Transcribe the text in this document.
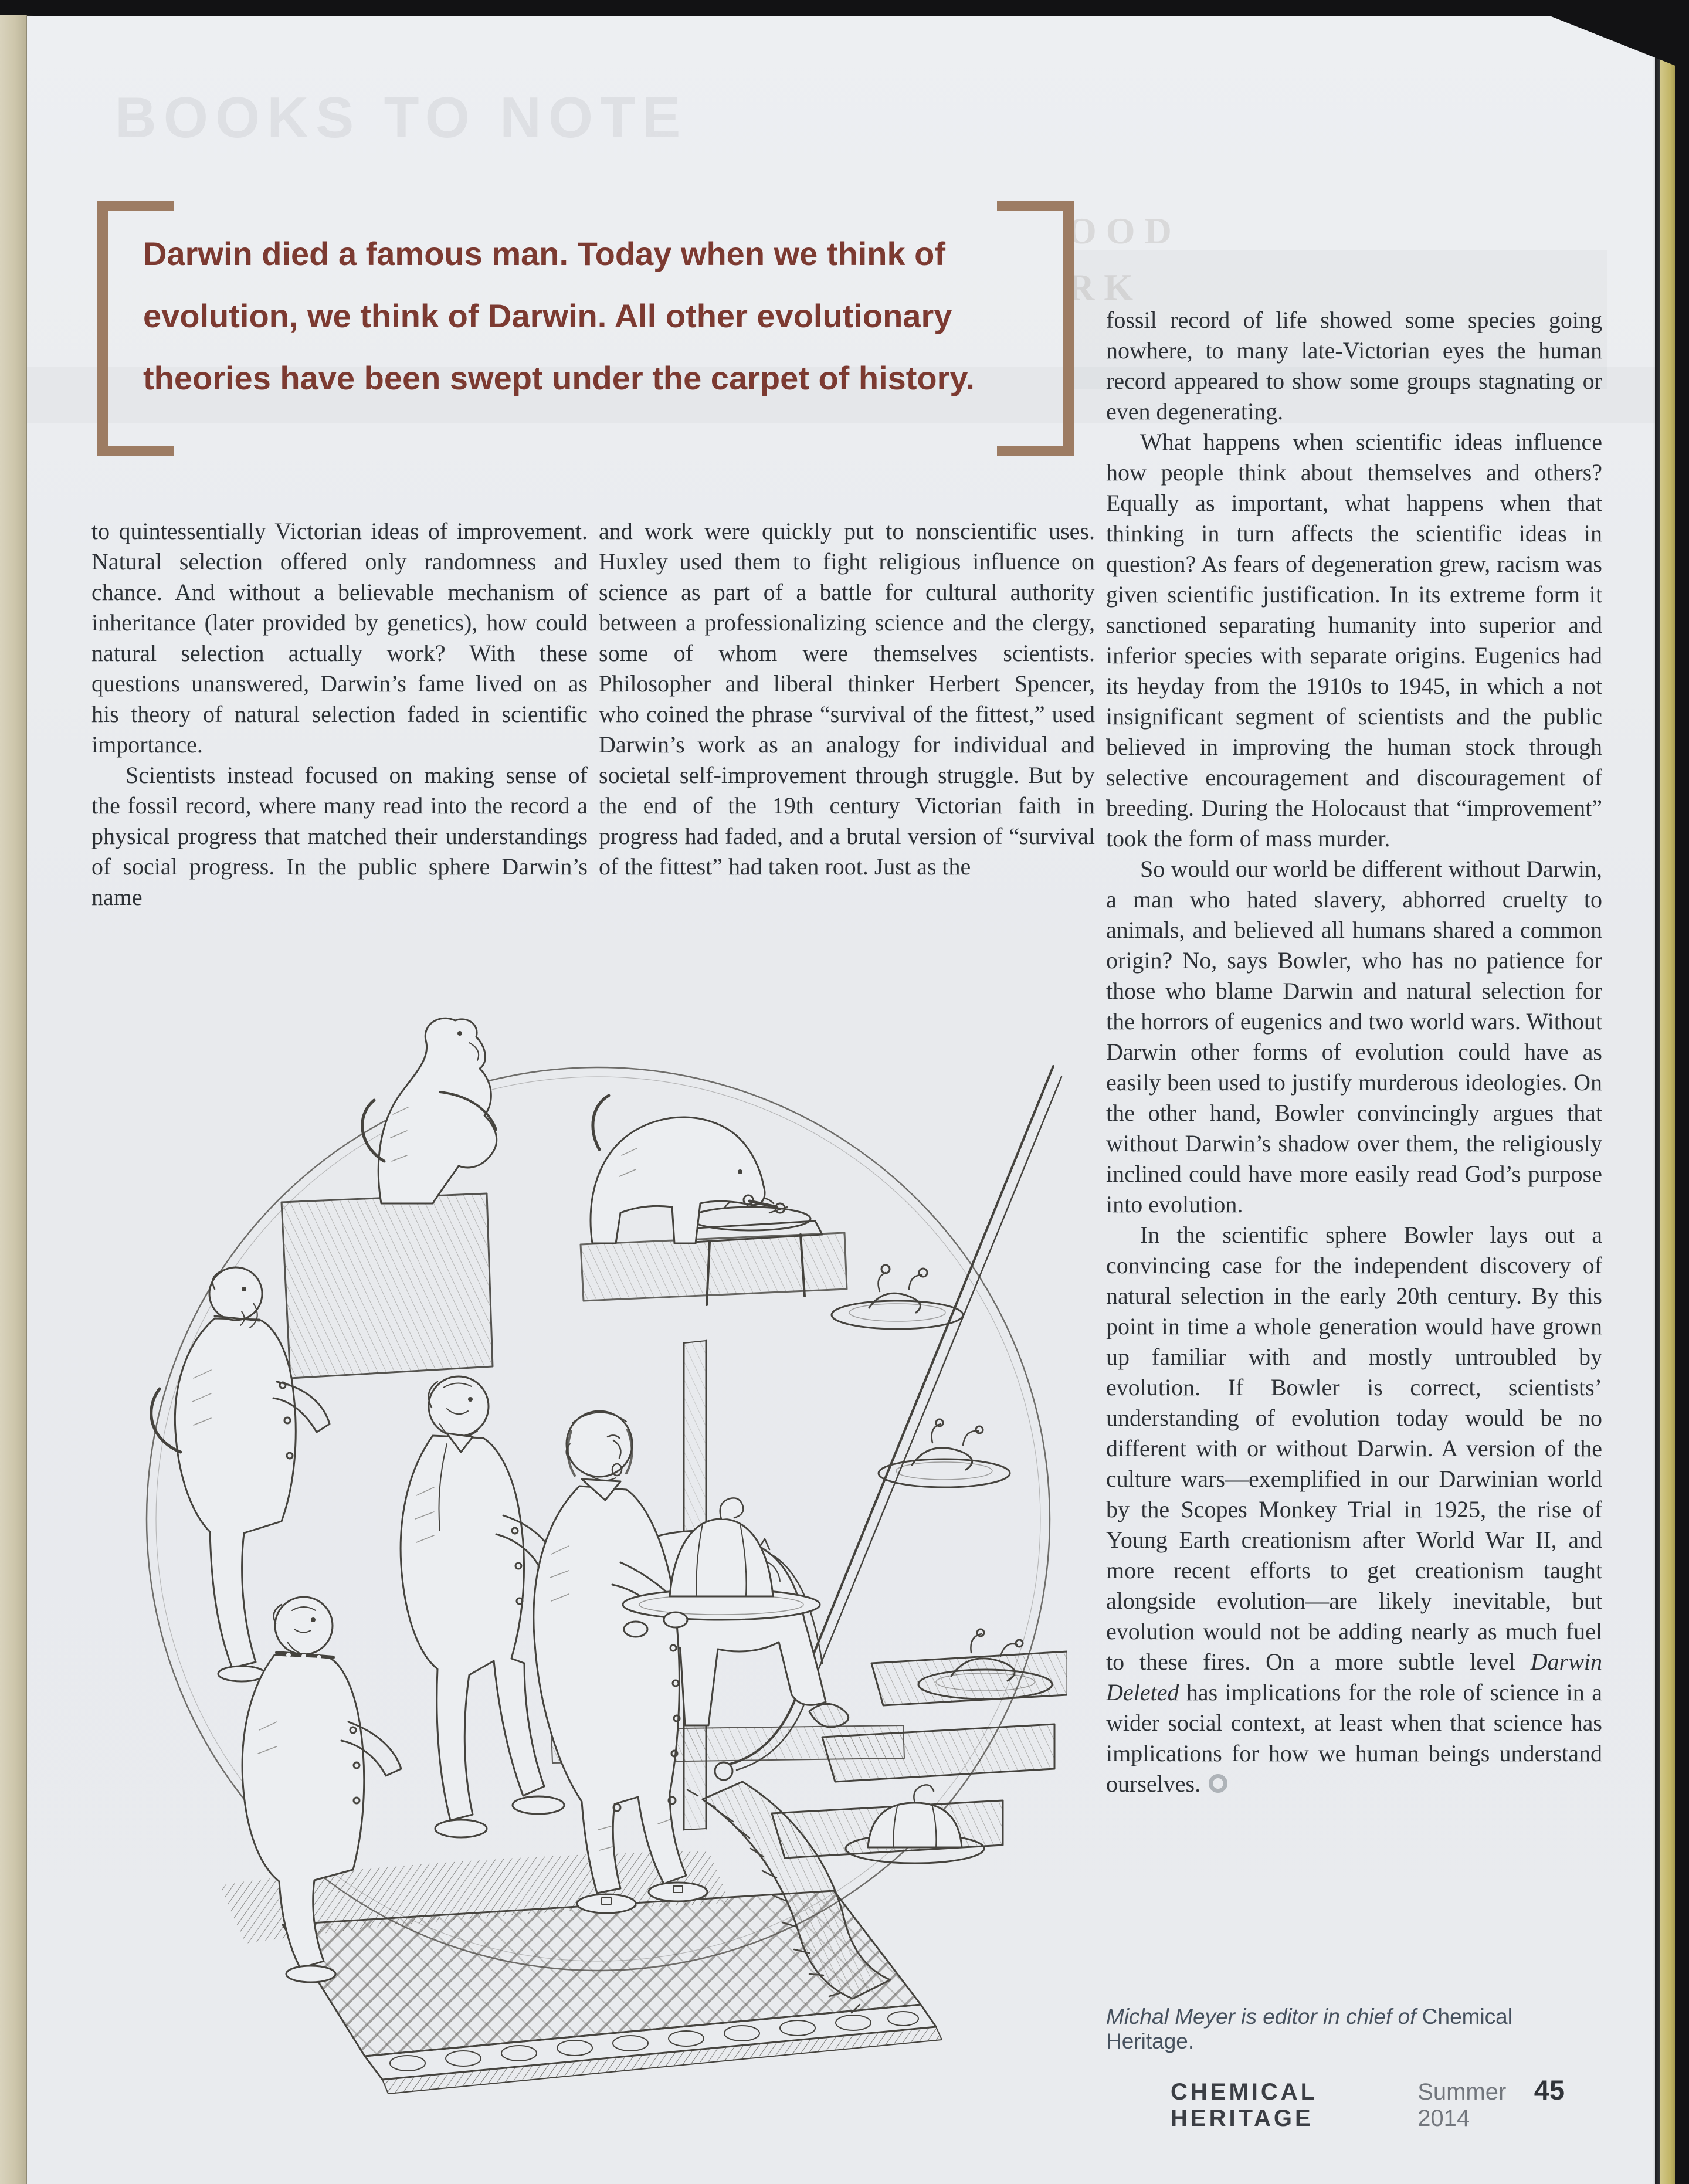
BOOKS TO NOTE
OOD
RK
Darwin died a famous man. Today when we think of
evolution, we think of Darwin. All other evolutionary
theories have been swept under the carpet of history.

to quintessentially Victorian ideas of improvement. Natural selection offered only randomness and chance. And without a believable mechanism of inheritance (later provided by genetics), how could natural selection actually work? With these questions unanswered, Darwin’s fame lived on as his theory of natural selection faded in scientific importance.

Scientists instead focused on making sense of the fossil record, where many read into the record a physical progress that matched their understandings of social progress. In the public sphere Darwin’s name

and work were quickly put to nonscientific uses. Huxley used them to fight religious influence on science as part of a battle for cultural authority between a professionalizing science and the clergy, some of whom were themselves scientists. Philosopher and liberal thinker Herbert Spencer, who coined the phrase “survival of the fittest,” used Darwin’s work as an analogy for individual and societal self-improvement through struggle. But by the end of the 19th century Victorian faith in progress had faded, and a brutal version of “survival of the fittest” had taken root. Just as the

fossil record of life showed some species going nowhere, to many late-Victorian eyes the human record appeared to show some groups stagnating or even degenerating.

What happens when scientific ideas influence how people think about themselves and others? Equally as important, what happens when that thinking in turn affects the scientific ideas in question? As fears of degeneration grew, racism was given scientific justification. In its extreme form it sanctioned separating humanity into superior and inferior species with separate origins. Eugenics had its heyday from the 1910s to 1945, in which a not insignificant segment of scientists and the public believed in improving the human stock through selective encouragement and discouragement of breeding. During the Holocaust that “improvement” took the form of mass murder.

So would our world be different without Darwin, a man who hated slavery, abhorred cruelty to animals, and believed all humans shared a common origin? No, says Bowler, who has no patience for those who blame Darwin and natural selection for the horrors of eugenics and two world wars. Without Darwin other forms of evolution could have as easily been used to justify murderous ideologies. On the other hand, Bowler convincingly argues that without Darwin’s shadow over them, the religiously inclined could have more easily read God’s purpose into evolution.

In the scientific sphere Bowler lays out a convincing case for the independent discovery of natural selection in the early 20th century. By this point in time a whole generation would have grown up familiar with and mostly untroubled by evolution. If Bowler is correct, scientists’ understanding of evolution today would be no different with or without Darwin. A version of the culture wars—exemplified in our Darwinian world by the Scopes Monkey Trial in 1925, the rise of Young Earth creationism after World War II, and more recent efforts to get creationism taught alongside evolution—are likely inevitable, but evolution would not be adding nearly as much fuel to these fires. On a more subtle level Darwin Deleted has implications for the role of science in a wider social context, at least when that science has implications for how we human beings understand ourselves.

Michal Meyer is editor in chief of Chemical Heritage.
CHEMICAL HERITAGE
Summer 2014
45
